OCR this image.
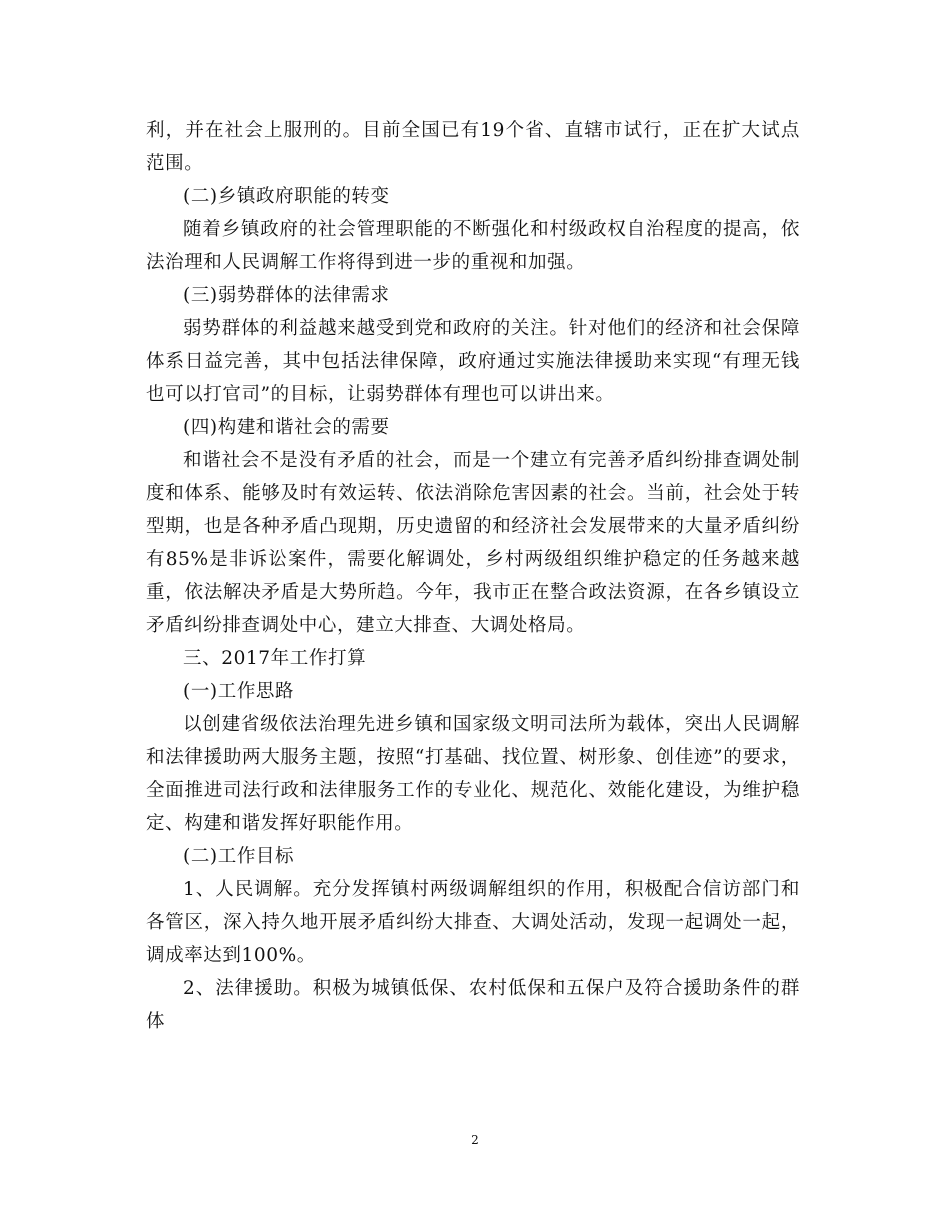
利，并在社会上服刑的。目前全国已有19个省、直辖市试行，正在扩大试点范围。

(二)乡镇政府职能的转变

随着乡镇政府的社会管理职能的不断强化和村级政权自治程度的提高，依法治理和人民调解工作将得到进一步的重视和加强。

(三)弱势群体的法律需求

弱势群体的利益越来越受到党和政府的关注。针对他们的经济和社会保障体系日益完善，其中包括法律保障，政府通过实施法律援助来实现“有理无钱也可以打官司”的目标，让弱势群体有理也可以讲出来。

(四)构建和谐社会的需要

和谐社会不是没有矛盾的社会，而是一个建立有完善矛盾纠纷排查调处制度和体系、能够及时有效运转、依法消除危害因素的社会。当前，社会处于转型期，也是各种矛盾凸现期，历史遗留的和经济社会发展带来的大量矛盾纠纷有85%是非诉讼案件，需要化解调处，乡村两级组织维护稳定的任务越来越重，依法解决矛盾是大势所趋。今年，我市正在整合政法资源，在各乡镇设立矛盾纠纷排查调处中心，建立大排查、大调处格局。

三、2017年工作打算

(一)工作思路

以创建省级依法治理先进乡镇和国家级文明司法所为载体，突出人民调解和法律援助两大服务主题，按照“打基础、找位置、树形象、创佳迹”的要求，全面推进司法行政和法律服务工作的专业化、规范化、效能化建设，为维护稳定、构建和谐发挥好职能作用。

(二)工作目标

1、人民调解。充分发挥镇村两级调解组织的作用，积极配合信访部门和各管区，深入持久地开展矛盾纠纷大排查、大调处活动，发现一起调处一起，调成率达到100%。

2、法律援助。积极为城镇低保、农村低保和五保户及符合援助条件的群体

2
